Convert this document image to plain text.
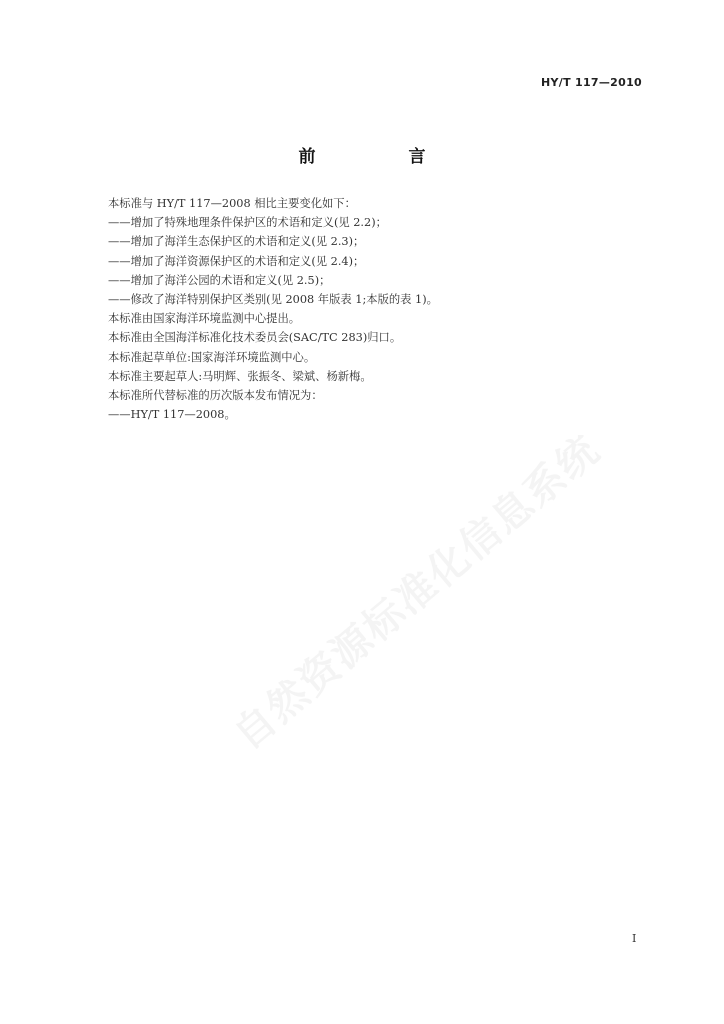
HY/T 117—2010
前　言
本标准与 HY/T 117—2008 相比主要变化如下：
——增加了特殊地理条件保护区的术语和定义(见 2.2)；
——增加了海洋生态保护区的术语和定义(见 2.3)；
——增加了海洋资源保护区的术语和定义(见 2.4)；
——增加了海洋公园的术语和定义(见 2.5)；
——修改了海洋特别保护区类别(见 2008 年版表 1;本版的表 1)。
本标准由国家海洋环境监测中心提出。
本标准由全国海洋标准化技术委员会(SAC/TC 283)归口。
本标准起草单位:国家海洋环境监测中心。
本标准主要起草人:马明辉、张振冬、梁斌、杨新梅。
本标准所代替标准的历次版本发布情况为：
——HY/T 117—2008。
自然资源标准化信息系统
I
